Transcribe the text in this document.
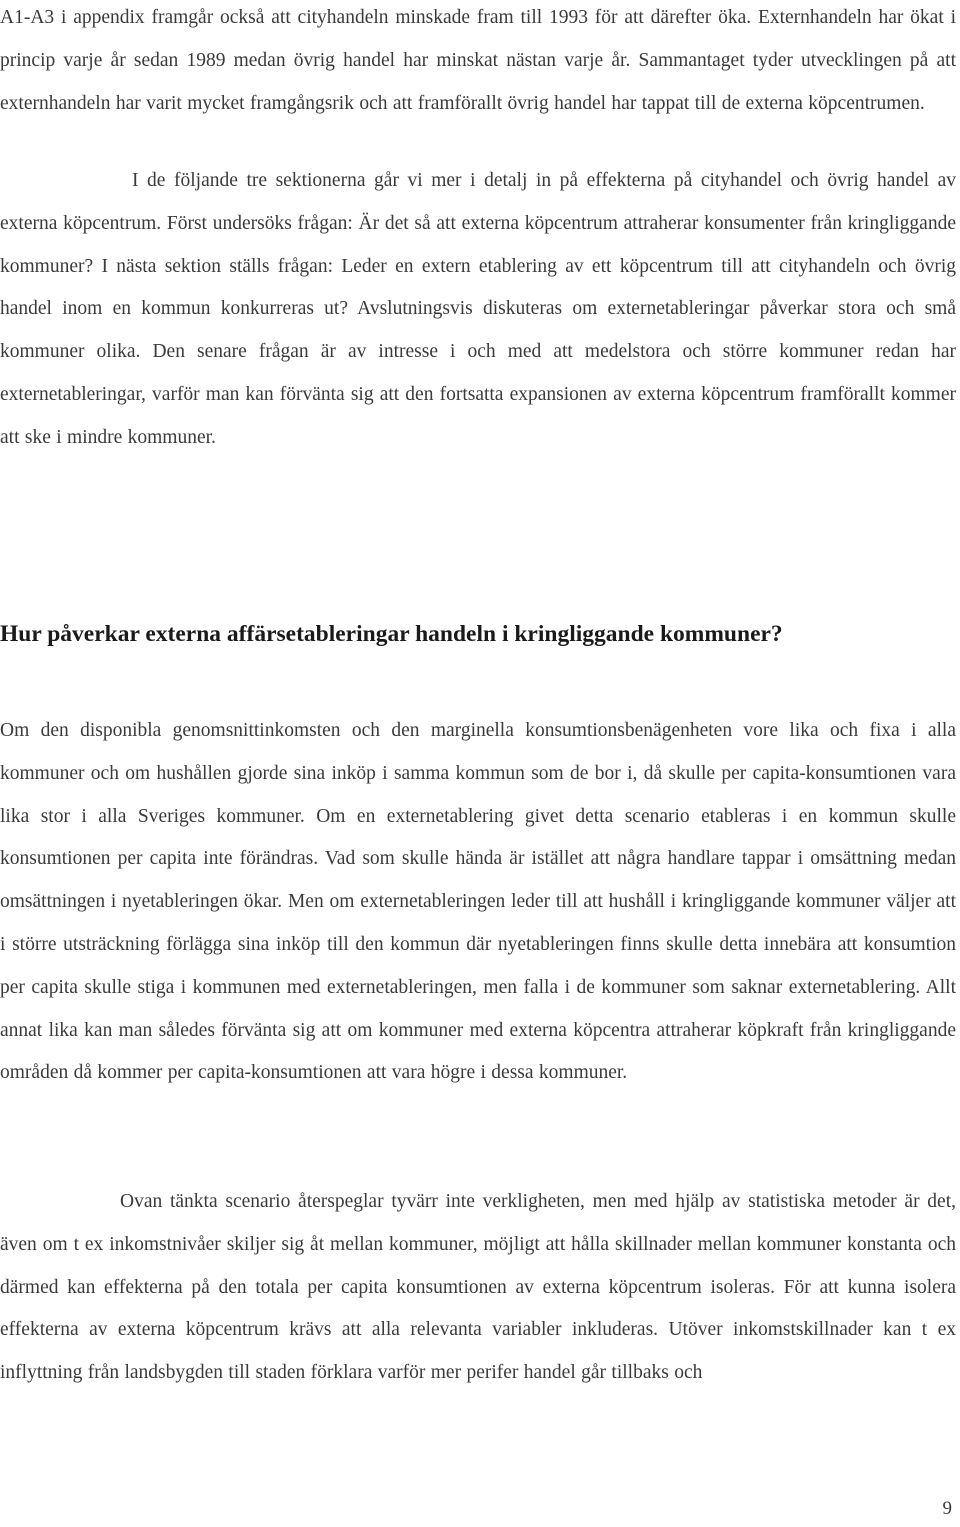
A1-A3 i appendix framgår också att cityhandeln minskade fram till 1993 för att därefter öka. Externhandeln har ökat i princip varje år sedan 1989 medan övrig handel har minskat nästan varje år. Sammantaget tyder utvecklingen på att externhandeln har varit mycket framgångsrik och att framförallt övrig handel har tappat till de externa köpcentrumen.

I de följande tre sektionerna går vi mer i detalj in på effekterna på cityhandel och övrig handel av externa köpcentrum. Först undersöks frågan: Är det så att externa köpcentrum attraherar konsumenter från kringliggande kommuner? I nästa sektion ställs frågan: Leder en extern etablering av ett köpcentrum till att cityhandeln och övrig handel inom en kommun konkurreras ut? Avslutningsvis diskuteras om externetableringar påverkar stora och små kommuner olika. Den senare frågan är av intresse i och med att medelstora och större kommuner redan har externetableringar, varför man kan förvänta sig att den fortsatta expansionen av externa köpcentrum framförallt kommer att ske i mindre kommuner.

Hur påverkar externa affärsetableringar handeln i kringliggande kommuner?

Om den disponibla genomsnittinkomsten och den marginella konsumtionsbenägenheten vore lika och fixa i alla kommuner och om hushållen gjorde sina inköp i samma kommun som de bor i, då skulle per capita-konsumtionen vara lika stor i alla Sveriges kommuner. Om en externetablering givet detta scenario etableras i en kommun skulle konsumtionen per capita inte förändras. Vad som skulle hända är istället att några handlare tappar i omsättning medan omsättningen i nyetableringen ökar. Men om externetableringen leder till att hushåll i kringliggande kommuner väljer att i större utsträckning förlägga sina inköp till den kommun där nyetableringen finns skulle detta innebära att konsumtion per capita skulle stiga i kommunen med externetableringen, men falla i de kommuner som saknar externetablering. Allt annat lika kan man således förvänta sig att om kommuner med externa köpcentra attraherar köpkraft från kringliggande områden då kommer per capita-konsumtionen att vara högre i dessa kommuner.

Ovan tänkta scenario återspeglar tyvärr inte verkligheten, men med hjälp av statistiska metoder är det, även om t ex inkomstnivåer skiljer sig åt mellan kommuner, möjligt att hålla skillnader mellan kommuner konstanta och därmed kan effekterna på den totala per capita konsumtionen av externa köpcentrum isoleras. För att kunna isolera effekterna av externa köpcentrum krävs att alla relevanta variabler inkluderas. Utöver inkomstskillnader kan t ex inflyttning från landsbygden till staden förklara varför mer perifer handel går tillbaks och

9
